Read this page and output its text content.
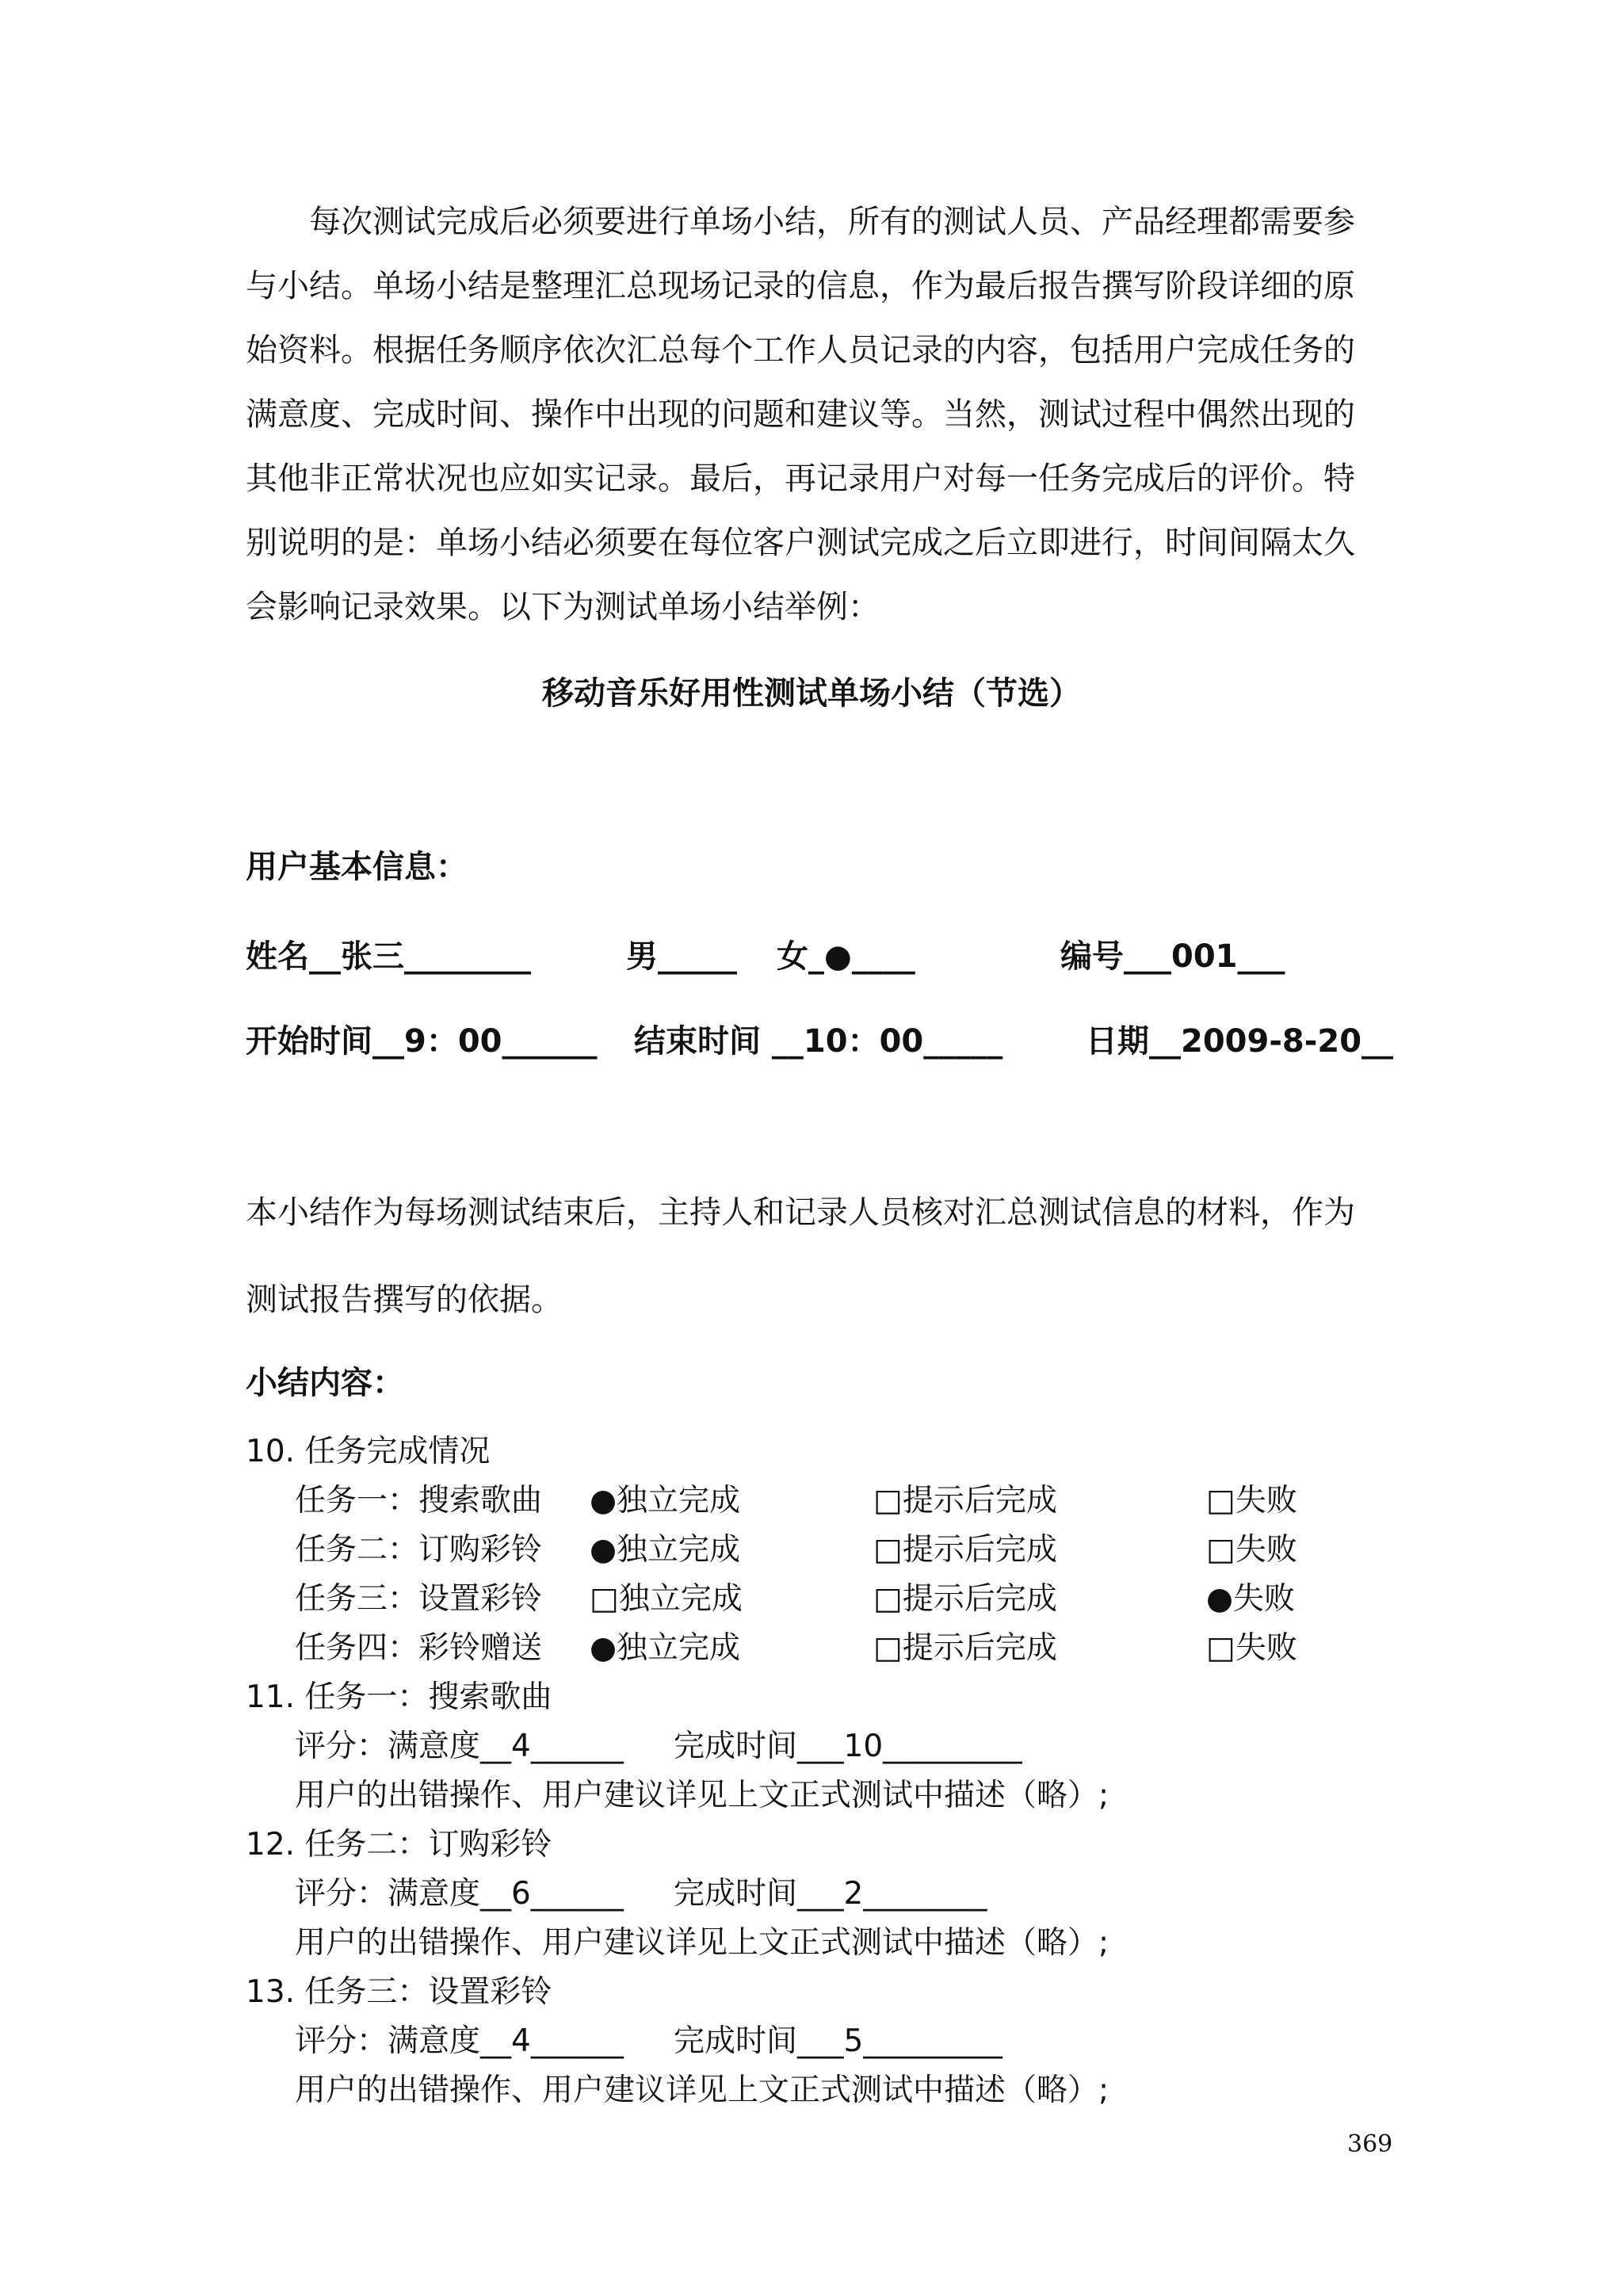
每次测试完成后必须要进行单场小结，所有的测试人员、产品经理都需要参
与小结。单场小结是整理汇总现场记录的信息，作为最后报告撰写阶段详细的原
始资料。根据任务顺序依次汇总每个工作人员记录的内容，包括用户完成任务的
满意度、完成时间、操作中出现的问题和建议等。当然，测试过程中偶然出现的
其他非正常状况也应如实记录。最后，再记录用户对每一任务完成后的评价。特
别说明的是：单场小结必须要在每位客户测试完成之后立即进行，时间间隔太久
会影响记录效果。以下为测试单场小结举例：
移动音乐好用性测试单场小结（节选）
用户基本信息：
姓名__张三________	男_____ 女_●____	编号___001___
开始时间__9：00______ 结束时间 __10：00_____	日期__2009-8-20__
本小结作为每场测试结束后，主持人和记录人员核对汇总测试信息的材料，作为
测试报告撰写的依据。
小结内容：
10. 任务完成情况
任务一：搜索歌曲 ●独立完成	□提示后完成	□失败
任务二：订购彩铃 ●独立完成	□提示后完成	□失败
任务三：设置彩铃 □独立完成	□提示后完成	●失败
任务四：彩铃赠送 ●独立完成	□提示后完成	□失败
11. 任务一：搜索歌曲
评分：满意度__4______ 完成时间___10_________
用户的出错操作、用户建议详见上文正式测试中描述（略）;
12. 任务二：订购彩铃
评分：满意度__6______ 完成时间___2________
用户的出错操作、用户建议详见上文正式测试中描述（略）;
13. 任务三：设置彩铃
评分：满意度__4______ 完成时间___5_________
用户的出错操作、用户建议详见上文正式测试中描述（略）;
369
